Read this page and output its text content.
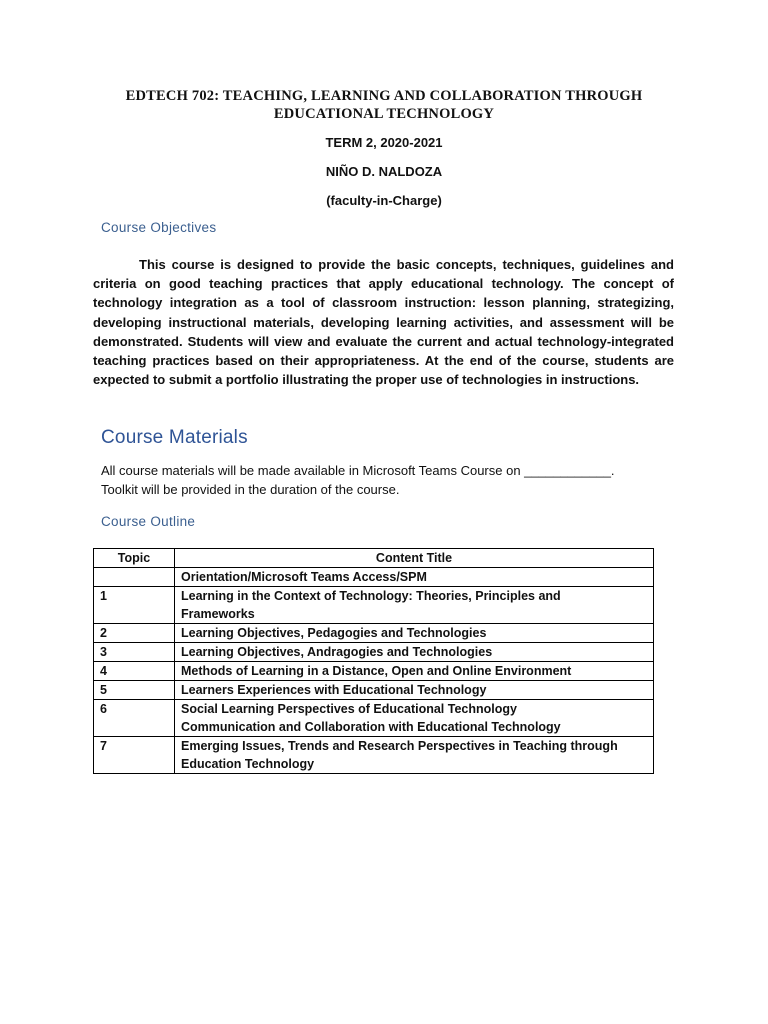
EDTECH 702: TEACHING, LEARNING AND COLLABORATION THROUGH EDUCATIONAL TECHNOLOGY
TERM 2, 2020-2021
NIÑO D. NALDOZA
(faculty-in-Charge)
Course Objectives
This course is designed to provide the basic concepts, techniques, guidelines and criteria on good teaching practices that apply educational technology. The concept of technology integration as a tool of classroom instruction: lesson planning, strategizing, developing instructional materials, developing learning activities, and assessment will be demonstrated. Students will view and evaluate the current and actual technology-integrated teaching practices based on their appropriateness. At the end of the course, students are expected to submit a portfolio illustrating the proper use of technologies in instructions.
Course Materials
All course materials will be made available in Microsoft Teams Course on ____________.
Toolkit will be provided in the duration of the course.
Course Outline
Topic	Content Title

	Orientation/Microsoft Teams Access/SPM

1	Learning in the Context of Technology: Theories, Principles and
Frameworks

2	Learning Objectives, Pedagogies and Technologies

3	Learning Objectives, Andragogies and Technologies

4	Methods of Learning in a Distance, Open and Online Environment

5	Learners Experiences with Educational Technology

6	Social Learning Perspectives of Educational Technology
Communication and Collaboration with Educational Technology

7	Emerging Issues, Trends and Research Perspectives in Teaching through
Education Technology
